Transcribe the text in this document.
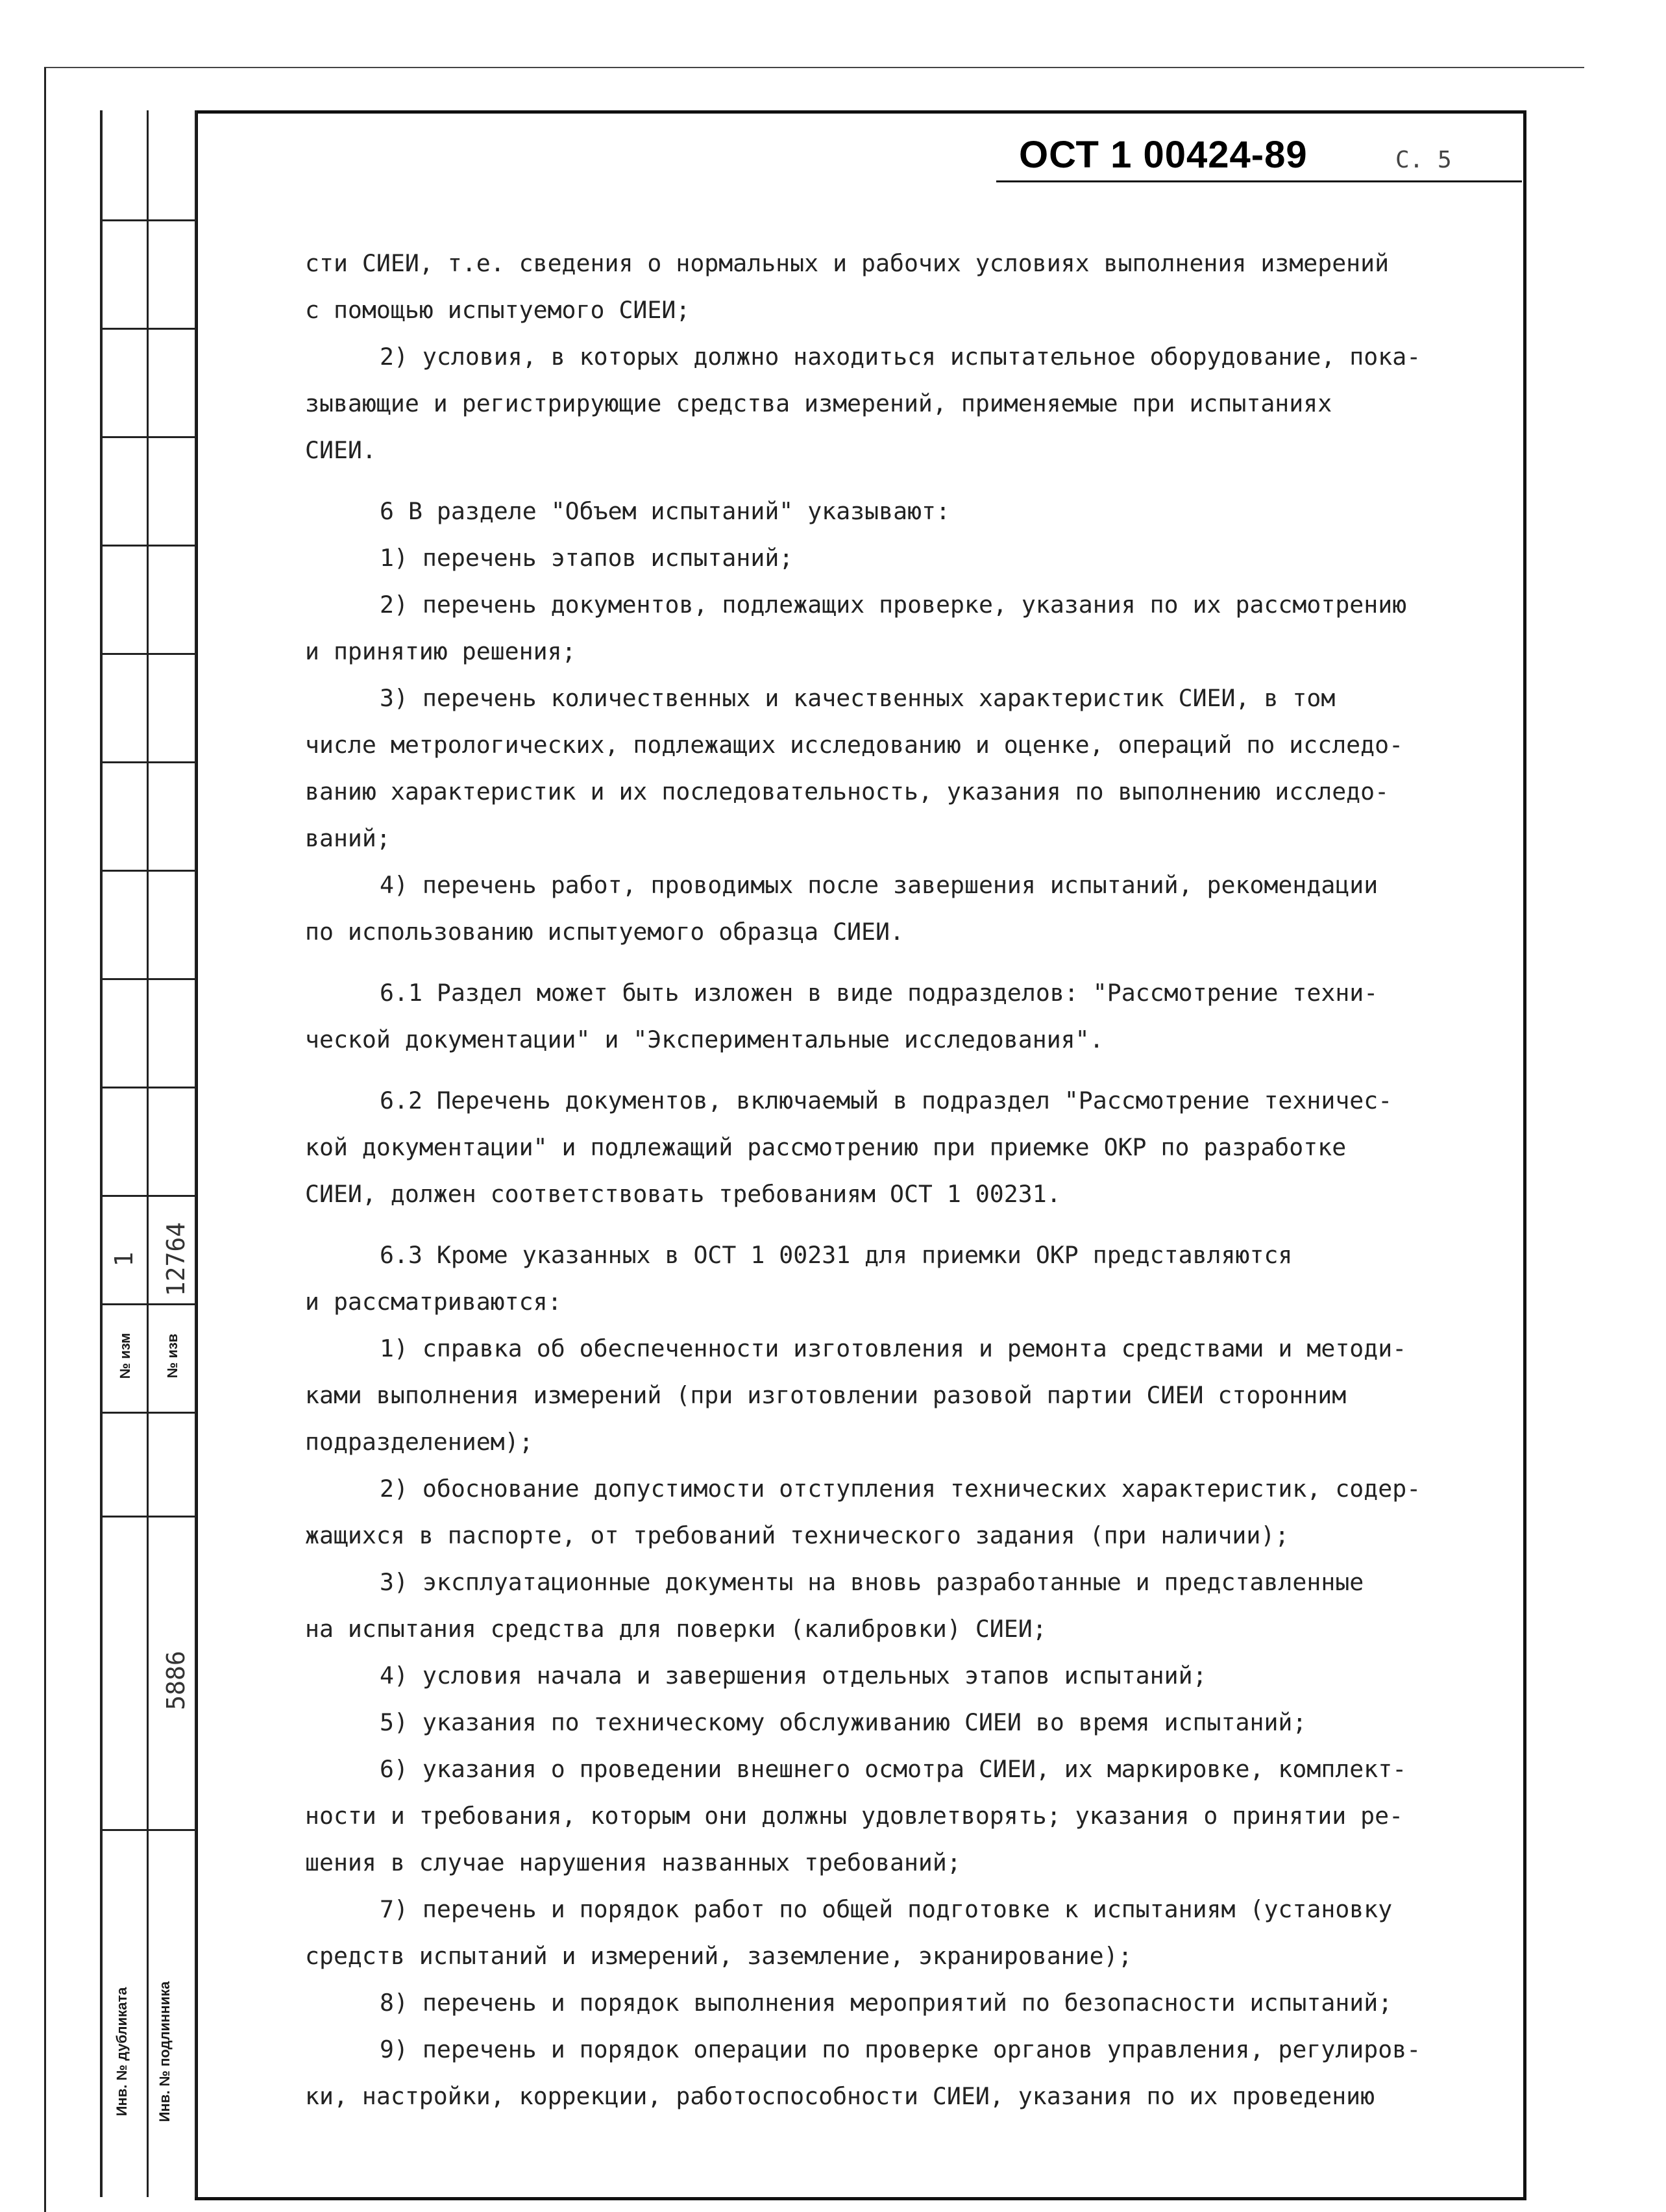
1
№ изм
12764
№ изв
5886
Инв. № дубликата Инв. № подлинника
ОСТ 1 00424-89	С. 5
сти СИЕИ, т.е. сведения о нормальных и рабочих условиях выполнения измерений
с помощью испытуемого СИЕИ;
2) условия, в которых должно находиться испытательное оборудование, пока-
зывающие и регистрирующие средства измерений, применяемые при испытаниях
СИЕИ.
6 В разделе "Объем испытаний" указывают:
1) перечень этапов испытаний;
2) перечень документов, подлежащих проверке, указания по их рассмотрению
и принятию решения;
3) перечень количественных и качественных характеристик СИЕИ, в том
числе метрологических, подлежащих исследованию и оценке, операций по исследо-
ванию характеристик и их последовательность, указания по выполнению исследо-
ваний;
4) перечень работ, проводимых после завершения испытаний, рекомендации
по использованию испытуемого образца СИЕИ.
6.1 Раздел может быть изложен в виде подразделов: "Рассмотрение техни-
ческой документации" и "Экспериментальные исследования".
6.2 Перечень документов, включаемый в подраздел "Рассмотрение техничес-
кой документации" и подлежащий рассмотрению при приемке ОКР по разработке
СИЕИ, должен соответствовать требованиям ОСТ 1 00231.
6.3 Кроме указанных в ОСТ 1 00231 для приемки ОКР представляются
и рассматриваются:
1) справка об обеспеченности изготовления и ремонта средствами и методи-
ками выполнения измерений (при изготовлении разовой партии СИЕИ сторонним
подразделением);
2) обоснование допустимости отступления технических характеристик, содер-
жащихся в паспорте, от требований технического задания (при наличии);
3) эксплуатационные документы на вновь разработанные и представленные
на испытания средства для поверки (калибровки) СИЕИ;
4) условия начала и завершения отдельных этапов испытаний;
5) указания по техническому обслуживанию СИЕИ во время испытаний;
6) указания о проведении внешнего осмотра СИЕИ, их маркировке, комплект-
ности и требования, которым они должны удовлетворять; указания о принятии ре-
шения в случае нарушения названных требований;
7) перечень и порядок работ по общей подготовке к испытаниям (установку
средств испытаний и измерений, заземление, экранирование);
8) перечень и порядок выполнения мероприятий по безопасности испытаний;
9) перечень и порядок операции по проверке органов управления, регулиров-
ки, настройки, коррекции, работоспособности СИЕИ, указания по их проведению
